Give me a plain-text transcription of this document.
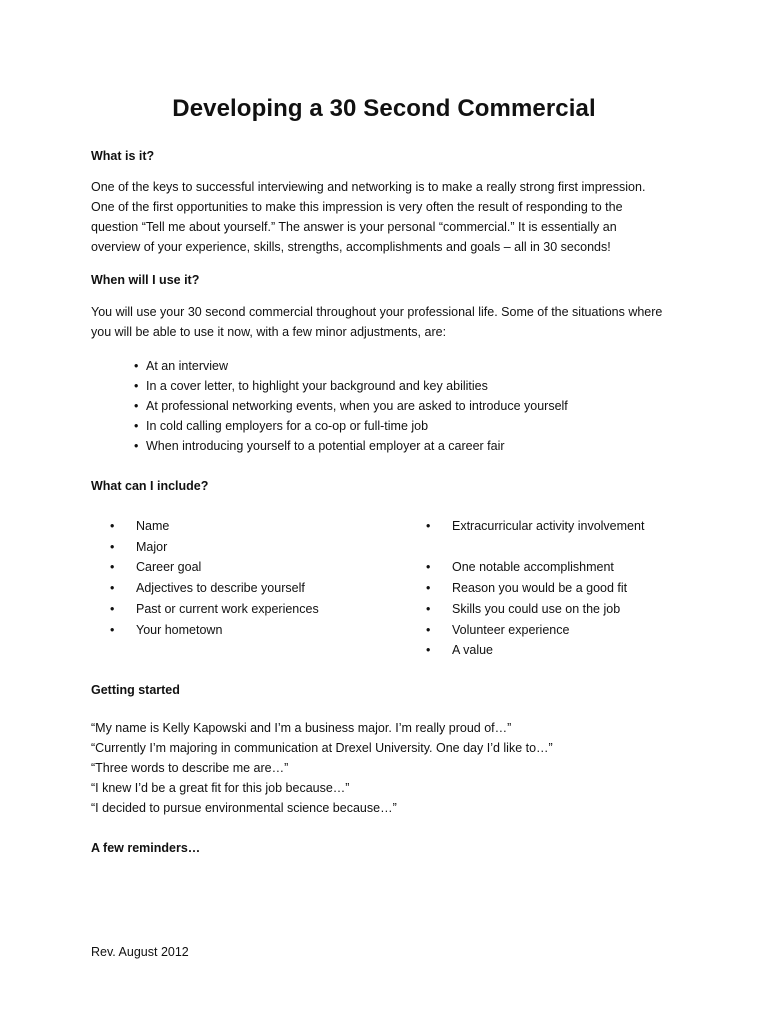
Developing a 30 Second Commercial
What is it?
One of the keys to successful interviewing and networking is to make a really strong first impression.
One of the first opportunities to make this impression is very often the result of responding to the
question “Tell me about yourself.” The answer is your personal “commercial.” It is essentially an
overview of your experience, skills, strengths, accomplishments and goals – all in 30 seconds!
When will I use it?
You will use your 30 second commercial throughout your professional life. Some of the situations where
you will be able to use it now, with a few minor adjustments, are:
• At an interview
• In a cover letter, to highlight your background and key abilities
• At professional networking events, when you are asked to introduce yourself
• In cold calling employers for a co-op or full-time job
• When introducing yourself to a potential employer at a career fair
What can I include?
• Name
• Major
• Career goal
• Adjectives to describe yourself
• Past or current work experiences
• Your hometown
• Extracurricular activity involvement
• One notable accomplishment
• Reason you would be a good fit
• Skills you could use on the job
• Volunteer experience
• A value
Getting started
“My name is Kelly Kapowski and I’m a business major. I’m really proud of…”
“Currently I’m majoring in communication at Drexel University. One day I’d like to…”
“Three words to describe me are…”
“I knew I’d be a great fit for this job because…”
“I decided to pursue environmental science because…”
A few reminders…
Rev. August 2012
